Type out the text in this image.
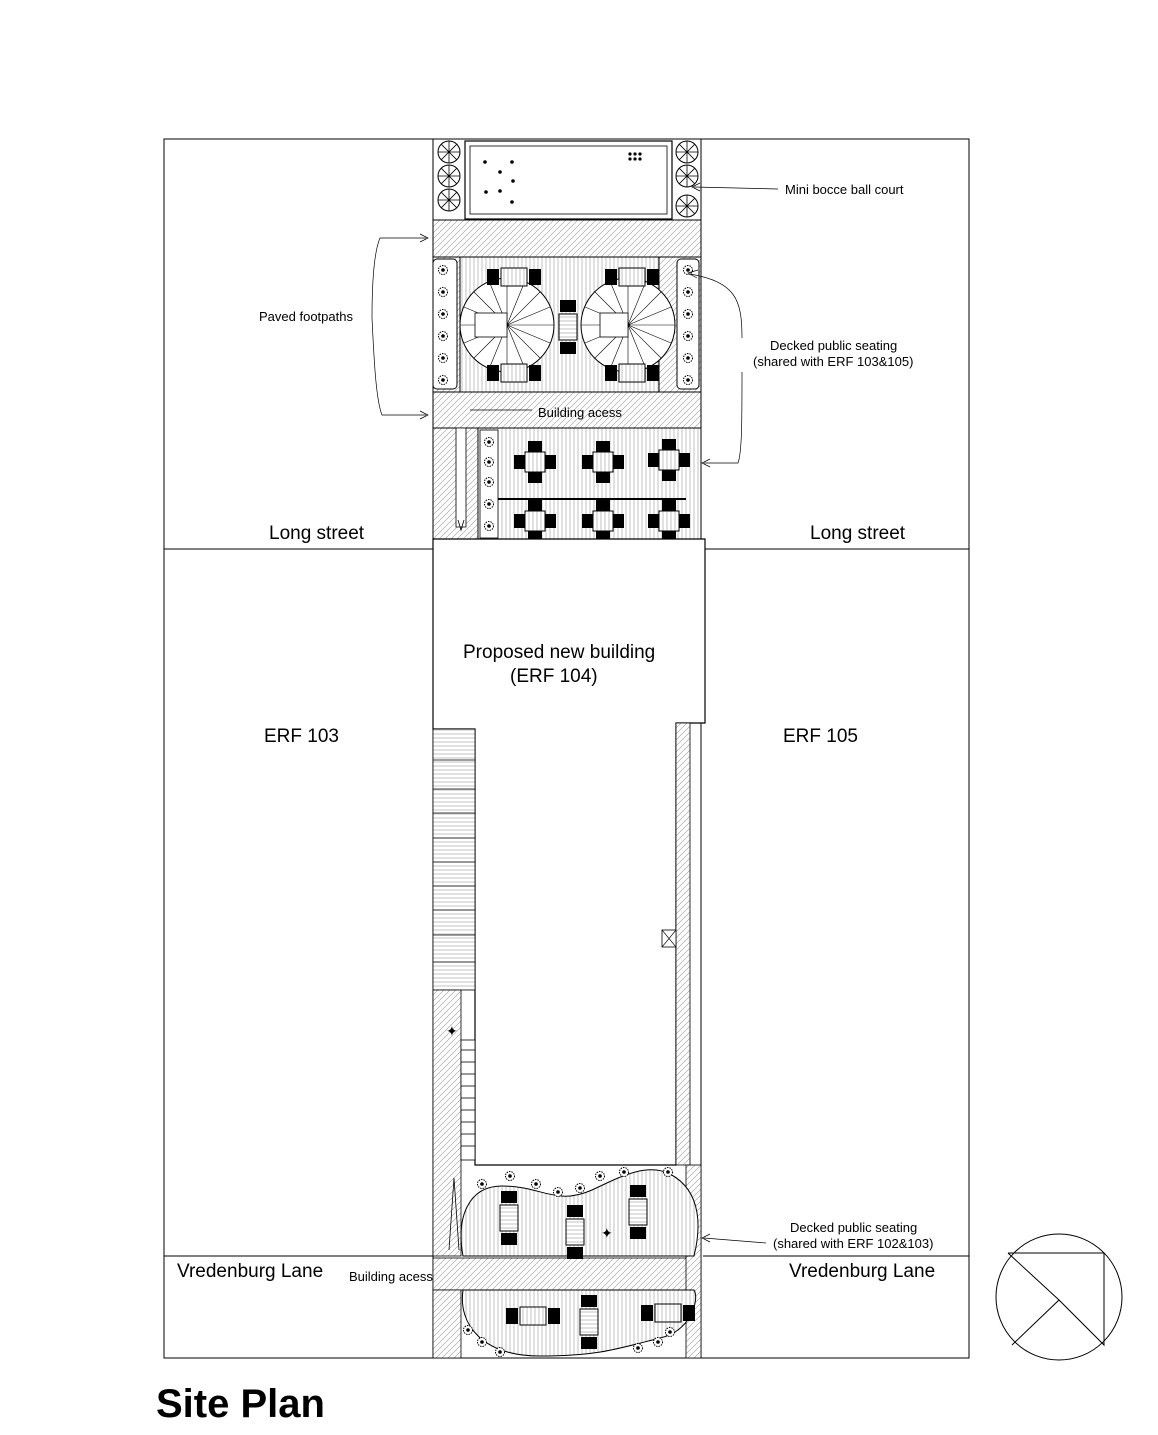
✦
✦
Long street	Long street
ERF 103	ERF 105
Proposed new building
(ERF 104)
Vredenburg Lane	Vredenburg Lane
Mini bocce ball court
Paved footpaths
Decked public seating
(shared with ERF 103&105)
Building acess
Building acess
Decked public seating
(shared with ERF 102&103)
Site Plan
